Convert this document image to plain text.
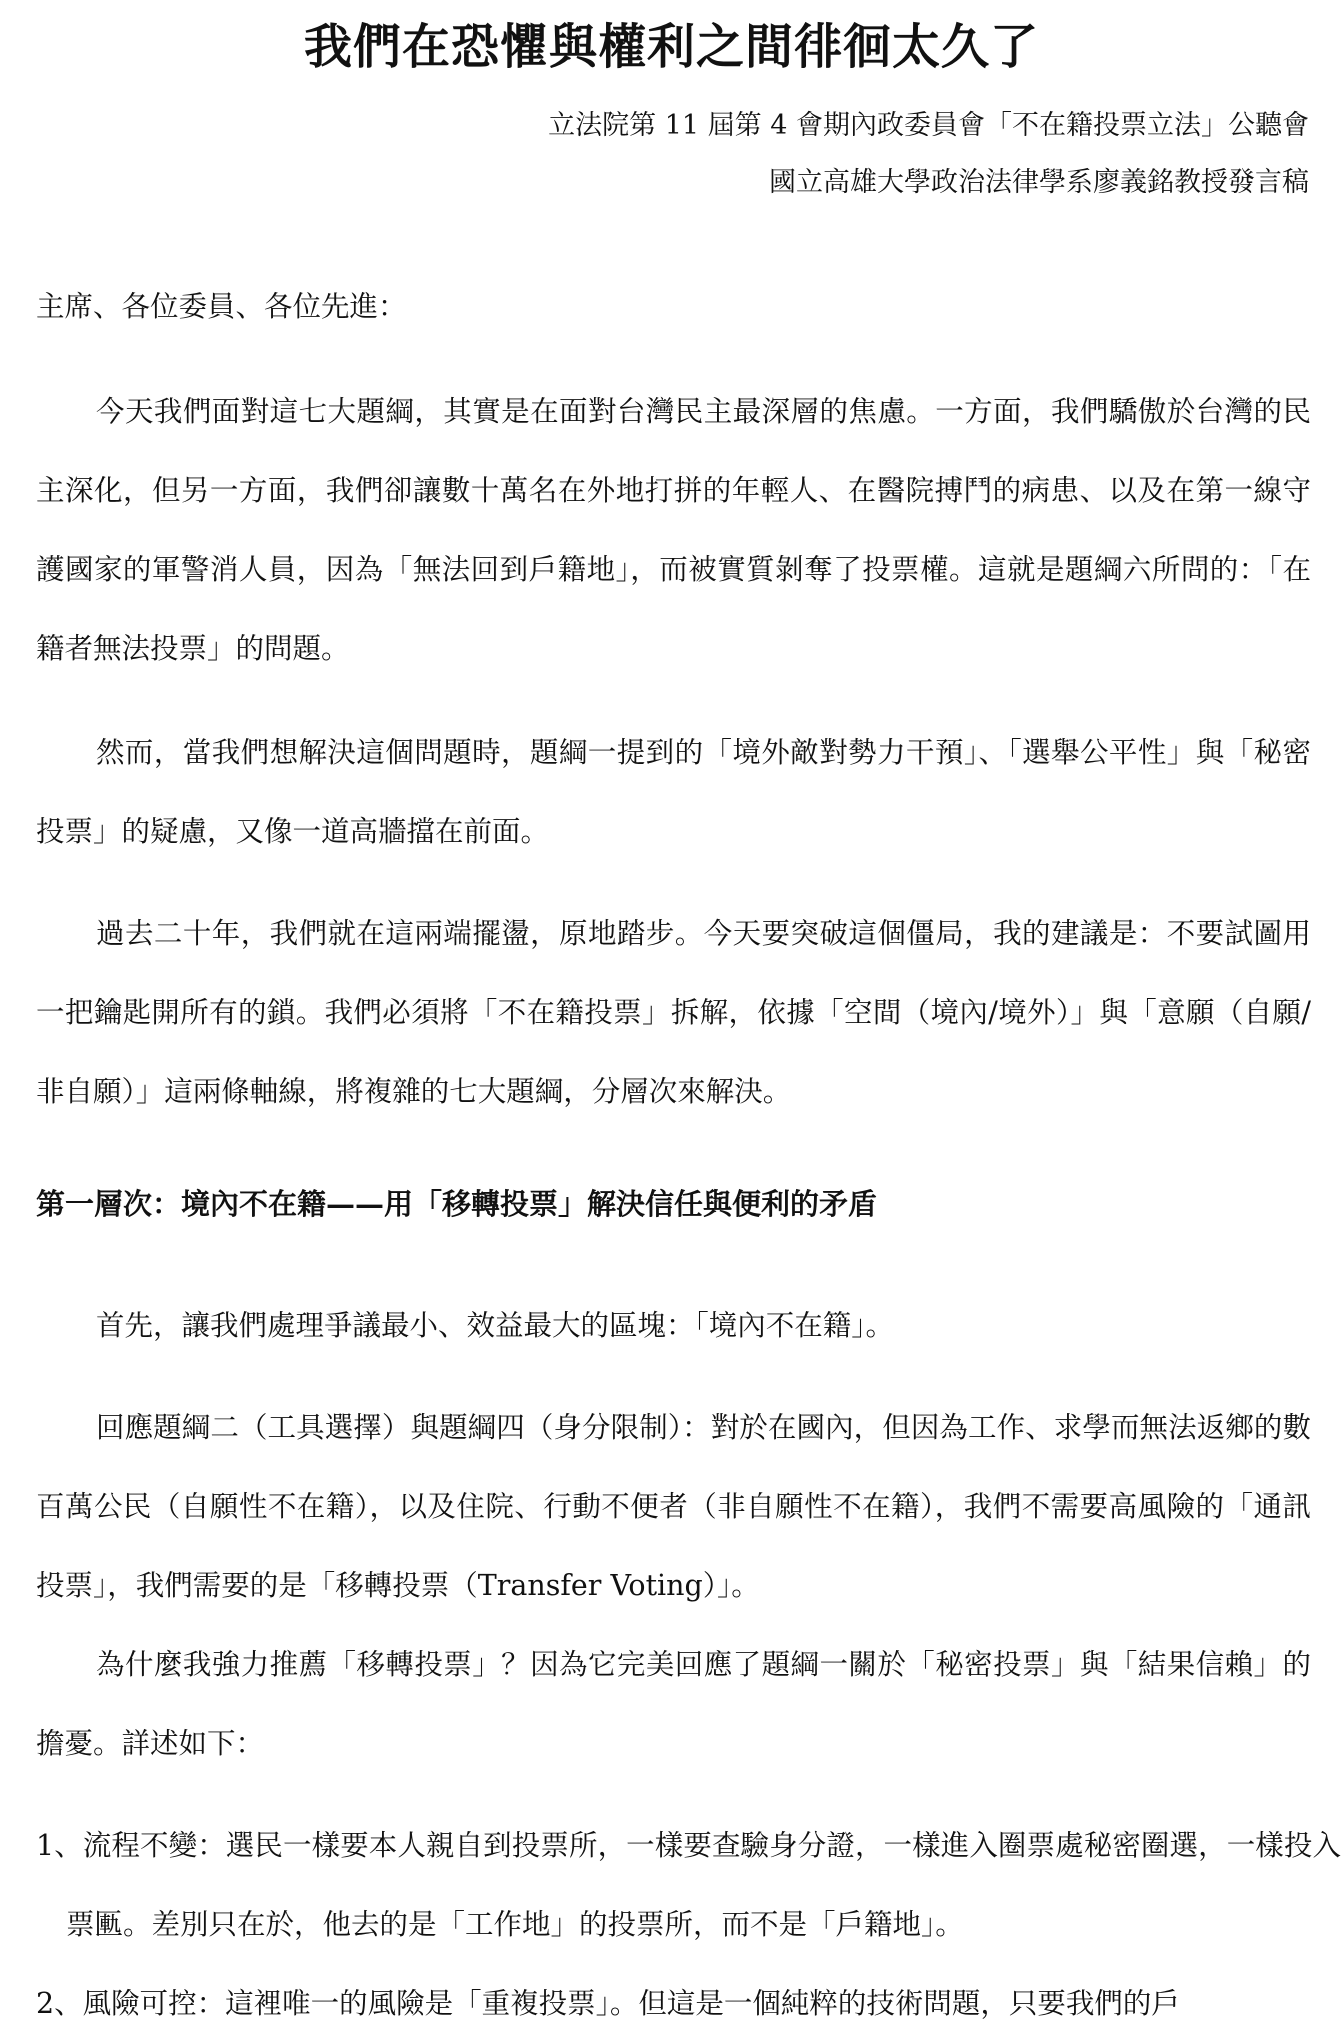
我們在恐懼與權利之間徘徊太久了
立法院第 11 屆第 4 會期內政委員會「不在籍投票立法」公聽會
國立高雄大學政治法律學系廖義銘教授發言稿
主席、各位委員、各位先進：

今天我們面對這七大題綱，其實是在面對台灣民主最深層的焦慮。一方面，我們驕傲於台灣的民主深化，但另一方面，我們卻讓數十萬名在外地打拼的年輕人、在醫院搏鬥的病患、以及在第一線守護國家的軍警消人員，因為「無法回到戶籍地」，而被實質剝奪了投票權。這就是題綱六所問的：「在籍者無法投票」的問題。

然而，當我們想解決這個問題時，題綱一提到的「境外敵對勢力干預」、「選舉公平性」與「秘密投票」的疑慮，又像一道高牆擋在前面。

過去二十年，我們就在這兩端擺盪，原地踏步。今天要突破這個僵局，我的建議是：不要試圖用一把鑰匙開所有的鎖。我們必須將「不在籍投票」拆解，依據「空間（境內/境外）」與「意願（自願/非自願）」這兩條軸線，將複雜的七大題綱，分層次來解決。

第一層次：境內不在籍——用「移轉投票」解決信任與便利的矛盾

首先，讓我們處理爭議最小、效益最大的區塊：「境內不在籍」。

回應題綱二（工具選擇）與題綱四（身分限制）：對於在國內，但因為工作、求學而無法返鄉的數百萬公民（自願性不在籍），以及住院、行動不便者（非自願性不在籍），我們不需要高風險的「通訊投票」，我們需要的是「移轉投票（Transfer Voting）」。

為什麼我強力推薦「移轉投票」？因為它完美回應了題綱一關於「秘密投票」與「結果信賴」的擔憂。詳述如下：

1、流程不變：選民一樣要本人親自到投票所，一樣要查驗身分證，一樣進入圈票處秘密圈選，一樣投入票匭。差別只在於，他去的是「工作地」的投票所，而不是「戶籍地」。

2、風險可控：這裡唯一的風險是「重複投票」。但這是一個純粹的技術問題，只要我們的戶
